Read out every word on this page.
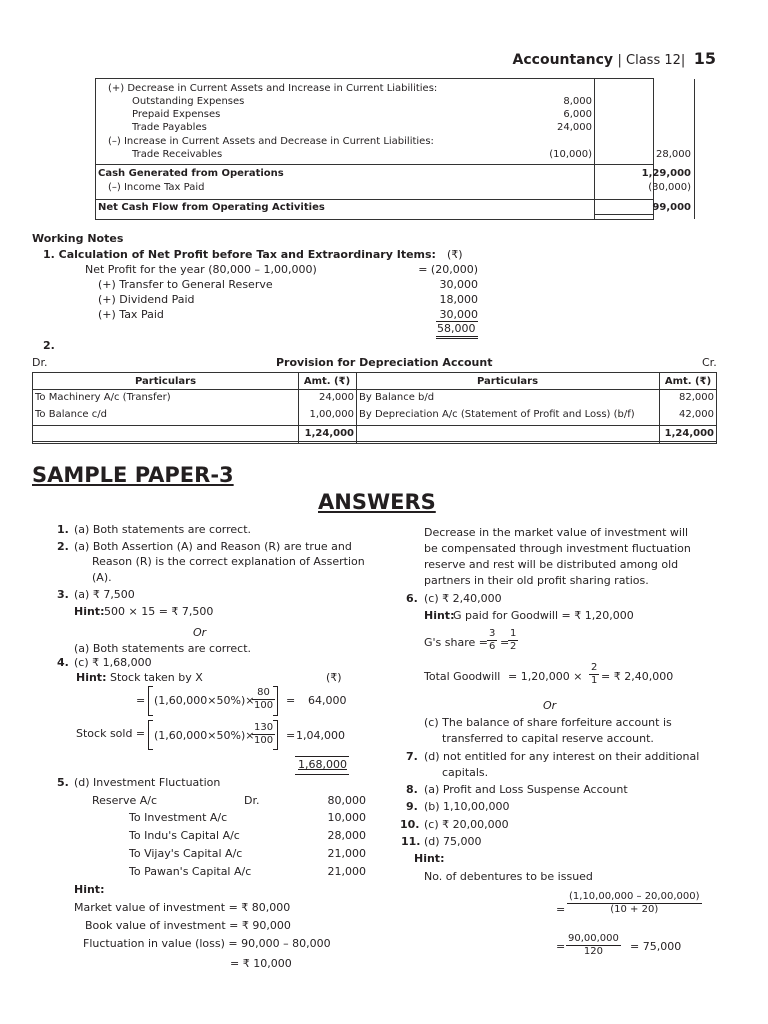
Accountancy | Class 12| 15
(+) Decrease in Current Assets and Increase in Current Liabilities:
Outstanding Expenses	8,000
Prepaid Expenses	6,000
Trade Payables	24,000
(–) Increase in Current Assets and Decrease in Current Liabilities:
Trade Receivables	(10,000)	28,000
Cash Generated from Operations	1,29,000
(–) Income Tax Paid	(30,000)
Net Cash Flow from Operating Activities	99,000
Working Notes
1. Calculation of Net Profit before Tax and Extraordinary Items: (₹)
Net Profit for the year (80,000 – 1,00,000)	= (20,000)
(+) Transfer to General Reserve	30,000
(+) Dividend Paid	18,000
(+) Tax Paid	30,000
58,000
2.
Dr.	Provision for Depreciation Account	Cr.
Particulars	Amt. (₹)	Particulars	Amt. (₹)
To Machinery A/c (Transfer)	24,000 By Balance b/d	82,000
To Balance c/d	1,00,000 By Depreciation A/c (Statement of Profit and Loss) (b/f)	42,000
1,24,000	1,24,000
SAMPLE PAPER-3
ANSWERS
1. (a) Both statements are correct.
2. (a) Both Assertion (A) and Reason (R) are true and
Reason (R) is the correct explanation of Assertion
(A).
3. (a) ₹ 7,500
Hint: 500 × 15 = ₹ 7,500
Or
(a) Both statements are correct.
4. (c) ₹ 1,68,000
Hint: Stock taken by X	(₹)
= (1,60,000×50%)×
$\frac{80}{100} = 64,000$
Stock sold = (1,60,000×50%)×
$\frac{130}{100} = 1,04,000$
1,68,000
5. (d) Investment Fluctuation
Reserve A/c	Dr.	80,000
To Investment A/c	10,000
To Indu's Capital A/c	28,000
To Vijay's Capital A/c	21,000
To Pawan's Capital A/c	21,000
Hint:
Market value of investment = ₹ 80,000
Book value of investment = ₹ 90,000
Fluctuation in value (loss) = 90,000 – 80,000
= ₹ 10,000
Decrease in the market value of investment will
be compensated through investment fluctuation
reserve and rest will be distributed among old
partners in their old profit sharing ratios.
6. (c) ₹ 2,40,000
Hint:
G paid for Goodwill = ₹ 1,20,000
G's share = $\frac{3}{6}$ =
$\frac{1}{2}$
Total Goodwill = $1,20,000 \times \frac{2}{1}$ = ₹ 2,40,000
Or
(c) The balance of share forfeiture account is
transferred to capital reserve account.
7. (d) not entitled for any interest on their additional
capitals.
8. (a) Profit and Loss Suspense Account
9. (b) 1,10,00,000
10. (c) ₹ 20,00,000
11. (d) 75,000
Hint:
No. of debentures to be issued
= $\frac{(1,10,00,000 - 20,00,000)}{(10 + 20)}$
= $\frac{90,00,000}{120} = 75,000$
